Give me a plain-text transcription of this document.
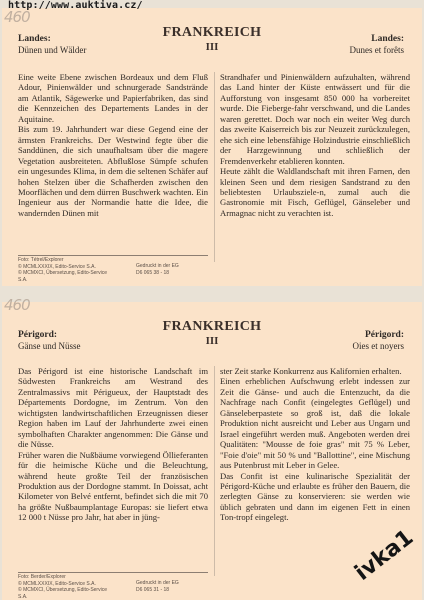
http://www.auktiva.cz/
460
FRANKREICH
III
Landes:
Dünen und Wälder
Landes:
Dunes et forêts

Eine weite Ebene zwischen Bordeaux und dem Fluß Adour, Pinienwälder und schnurgerade Sandstrände am Atlantik, Sägewerke und Papierfabriken, das sind die Kennzeichen des Departements Landes in der Aquitaine.

Bis zum 19. Jahrhundert war diese Gegend eine der ärmsten Frankreichs. Der Westwind fegte über die Sanddünen, die sich unaufhaltsam über die magere Vegetation ausbreiteten. Abflußlose Sümpfe schufen ein ungesundes Klima, in dem die seltenen Schäfer auf hohen Stelzen über die Schafherden zwischen den Moorflächen und dem dürren Buschwerk wachten. Ein Ingenieur aus der Normandie hatte die Idee, die wandernden Dünen mit

Strandhafer und Pinienwäldern aufzuhalten, während das Land hinter der Küste entwässert und für die Aufforstung von insgesamt 850 000 ha vorbereitet wurde. Die Fieberge-fahr verschwand, und die Landes waren gerettet. Doch war noch ein weiter Weg durch das zweite Kaiserreich bis zur Neuzeit zurückzulegen, ehe sich eine lebensfähige Holzindustrie einschließlich der Harzgewinnung und schließlich der Fremdenverkehr etablieren konnten.

Heute zählt die Waldlandschaft mit ihren Farnen, den kleinen Seen und dem riesigen Sandstrand zu den beliebtesten Urlaubsziele-n, zumal auch die Gastronomie mit Fisch, Geflügel, Gänseleber und Armagnac nicht zu verachten ist.

Foto: Tétrel/Explorer
© MCMLXXXIX, Edito-Service S.A.
© MCMXCI, Übersetzung, Edito-Service S.A.
Gedruckt in der EG
D6 065 38 - 18
460
FRANKREICH
III
Périgord:
Gänse und Nüsse
Périgord:
Oies et noyers

Das Périgord ist eine historische Landschaft im Südwesten Frankreichs am Westrand des Zentralmassivs mit Périgueux, der Hauptstadt des Départements Dordogne, im Zentrum. Von den wichtigsten landwirtschaftlichen Erzeugnissen dieser Region haben im Lauf der Jahrhunderte zwei einen symbolhaften Charakter angenommen: Die Gänse und die Nüsse.

Früher waren die Nußbäume vorwiegend Öllieferanten für die heimische Küche und die Beleuchtung, während heute großte Teil der französischen Produktion aus der Dordogne stammt. In Doissat, acht Kilometer von Belvé entfernt, befindet sich die mit 70 ha größte Nußbaumplantage Europas: sie liefert etwa 12 000 t Nüsse pro Jahr, hat aber in jüng-

ster Zeit starke Konkurrenz aus Kalifornien erhalten.

Einen erheblichen Aufschwung erlebt indessen zur Zeit die Gänse- und auch die Entenzucht, da die Nachfrage nach Confit (eingelegtes Geflügel) und Gänseleberpastete so groß ist, daß die lokale Produktion nicht ausreicht und Leber aus Ungarn und Israel eingeführt werden muß. Angeboten werden drei Qualitäten: "Mousse de foie gras" mit 75 % Leber, "Foie d'oie" mit 50 % und "Ballottine", eine Mischung aus Putenbrust mit Leber in Gelee.

Das Confit ist eine kulinarische Spezialität der Périgord-Küche und erlaubte es früher den Bauern, die zerlegten Gänse zu konservieren: sie werden wie üblich gebraten und dann im eigenen Fett in einen Ton-tropf eingelegt.

Foto: Berder/Explorer
© MCMLXXXIX, Edito-Service S.A.
© MCMXCI, Übersetzung, Edito-Service S.A.
Gedruckt in der EG
D6 065 31 - 18
ivka1
